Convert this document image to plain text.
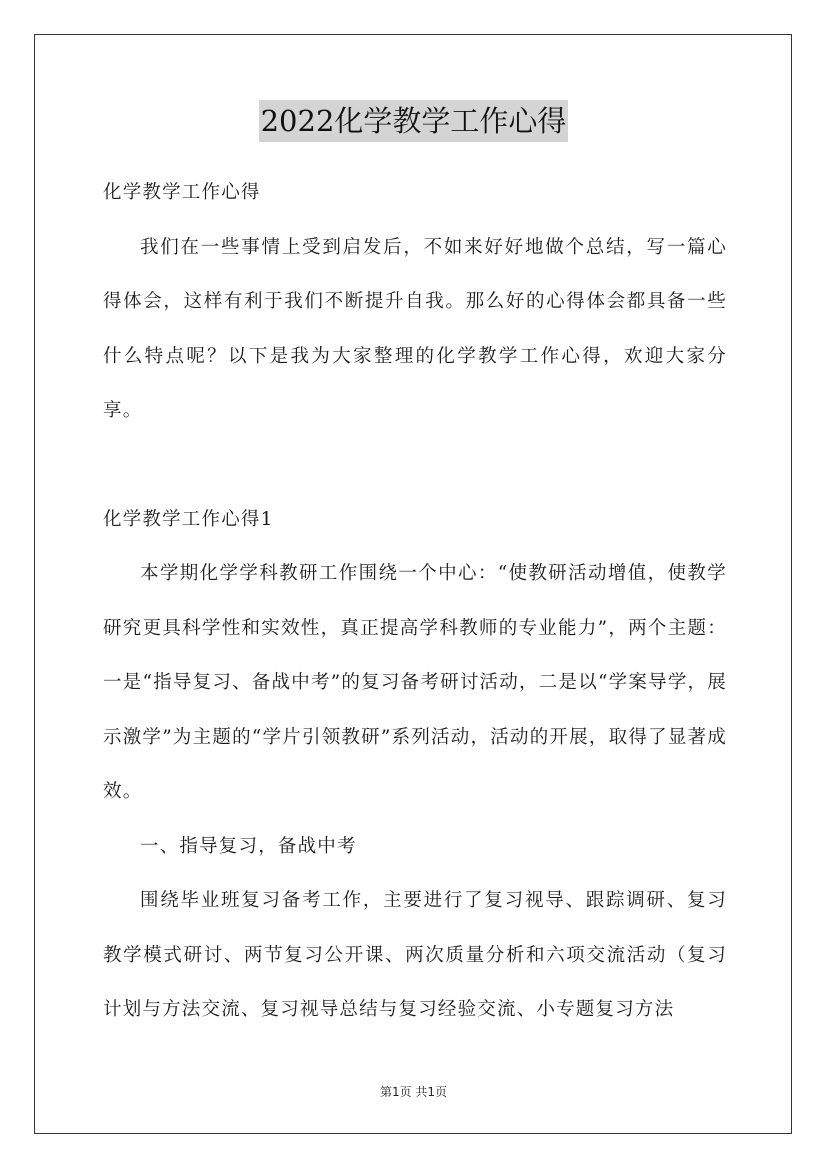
2022化学教学工作心得

化学教学工作心得

我们在一些事情上受到启发后，不如来好好地做个总结，写一篇心得体会，这样有利于我们不断提升自我。那么好的心得体会都具备一些什么特点呢？以下是我为大家整理的化学教学工作心得，欢迎大家分享。

化学教学工作心得1

本学期化学学科教研工作围绕一个中心：“使教研活动增值，使教学研究更具科学性和实效性，真正提高学科教师的专业能力”，两个主题：一是“指导复习、备战中考”的复习备考研讨活动，二是以“学案导学，展示激学”为主题的“学片引领教研”系列活动，活动的开展，取得了显著成效。

一、指导复习，备战中考

围绕毕业班复习备考工作，主要进行了复习视导、跟踪调研、复习教学模式研讨、两节复习公开课、两次质量分析和六项交流活动（复习计划与方法交流、复习视导总结与复习经验交流、小专题复习方法

第1页 共1页
